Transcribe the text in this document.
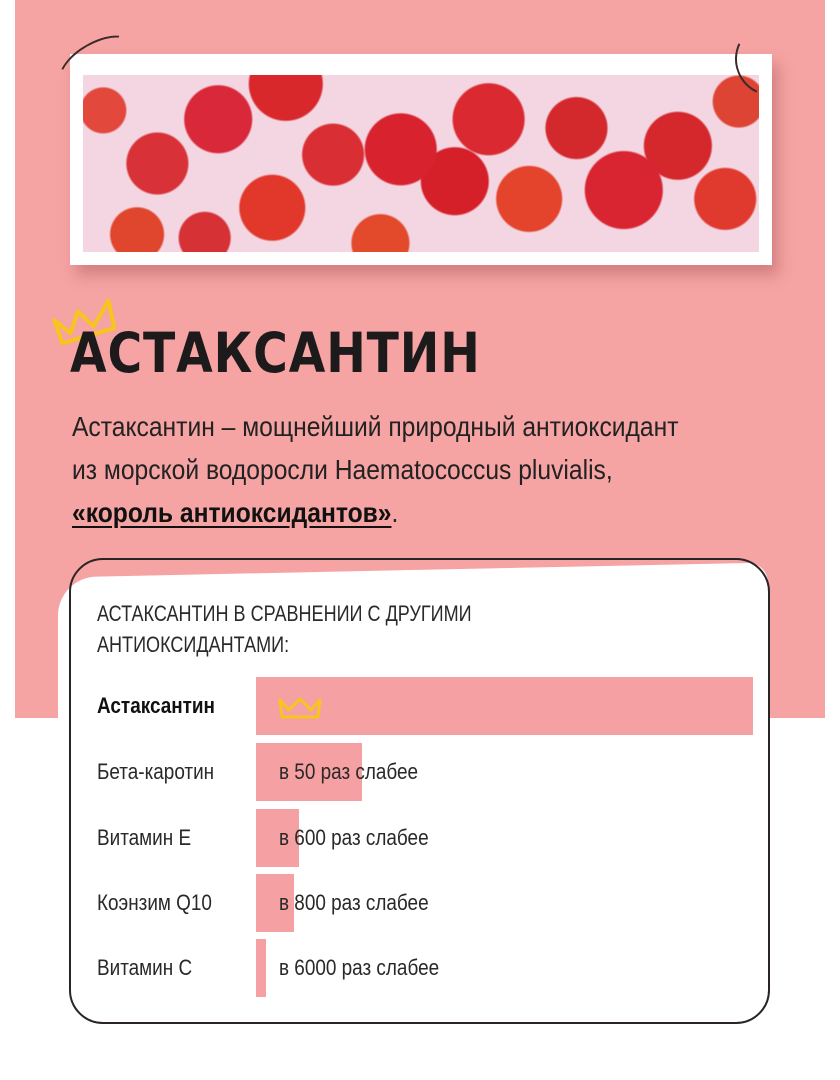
АСТАКСАНТИН

Астаксантин – мощнейший природный антиоксидант

из морской водоросли Haematococcus pluvialis,

«король антиоксидантов».

АСТАКСАНТИН В СРАВНЕНИИ С ДРУГИМИ
АНТИОКСИДАНТАМИ:
Астаксантин
Бета-каротин	в 50 раз слабее
Витамин Е	в 600 раз слабее
Коэнзим Q10	в 800 раз слабее
Витамин С	в 6000 раз слабее
